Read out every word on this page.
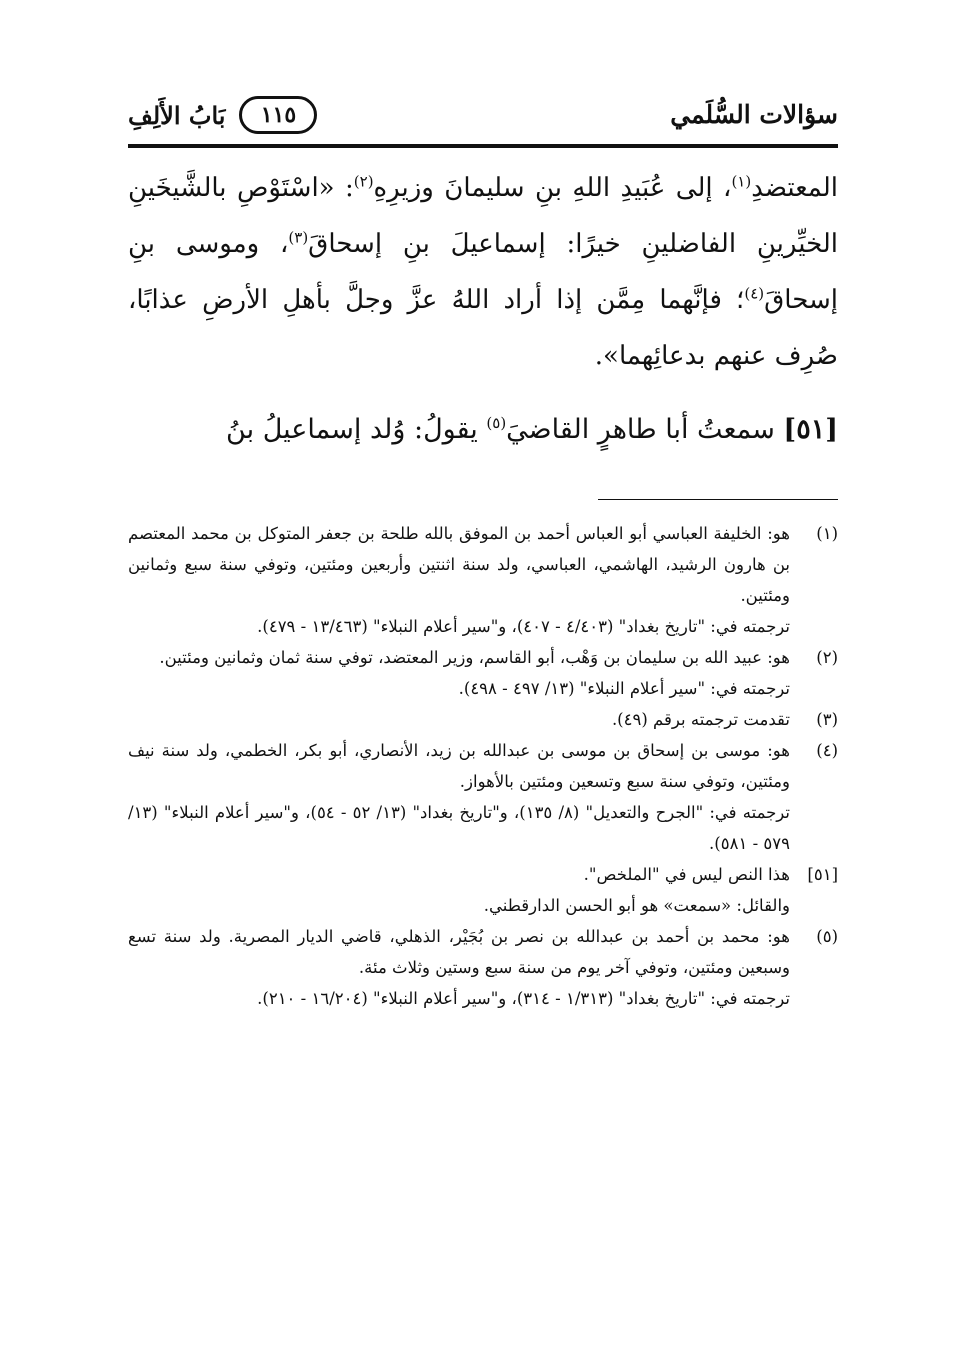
سؤالات السُّلَمي
بَابُ الأَلِفِ	١١٥

المعتضدِ$^{(١)}$، إلى عُبَيدِ اللهِ بنِ سليمانَ وزيرِهِ$^{(٢)}$: «اسْتَوْصِ بالشَّيخَينِ الخيِّرينِ الفاضلينِ خيرًا: إسماعيلَ بنِ إسحاقَ$^{(٣)}$، وموسى بنِ إسحاقَ$^{(٤)}$؛ فإنَّهما مِمَّن إذا أراد اللهُ عزَّ وجلَّ بأهلِ الأرضِ عذابًا، صُرِف عنهم بدعائِهما».

[٥١] سمعتُ أبا طاهرٍ القاضيَ$^{(٥)}$ يقولُ: وُلد إسماعيلُ بنُ
(١)

هو: الخليفة العباسي أبو العباس أحمد بن الموفق بالله طلحة بن جعفر المتوكل بن محمد المعتصم بن هارون الرشيد، الهاشمي، العباسي، ولد سنة اثنتين وأربعين ومئتين، وتوفي سنة سبع وثمانين ومئتين.

ترجمته في: "تاريخ بغداد" (٤/٤٠٣ - ٤٠٧)، و"سير أعلام النبلاء" (١٣/٤٦٣ - ٤٧٩).

(٢)

هو: عبيد الله بن سليمان بن وَهْب، أبو القاسم، وزير المعتضد، توفي سنة ثمان وثمانين ومئتين.

ترجمته في: "سير أعلام النبلاء" (١٣/ ٤٩٧ - ٤٩٨).

(٣)

تقدمت ترجمته برقم (٤٩).

(٤)

هو: موسى بن إسحاق بن موسى بن عبدالله بن زيد، الأنصاري، أبو بكر، الخطمي، ولد سنة نيف ومئتين، وتوفي سنة سبع وتسعين ومئتين بالأهواز.

ترجمته في: "الجرح والتعديل" (٨/ ١٣٥)، و"تاريخ بغداد" (١٣/ ٥٢ - ٥٤)، و"سير أعلام النبلاء" (١٣/ ٥٧٩ - ٥٨١).

[٥١]

هذا النص ليس في "الملخص".

والقائل: «سمعت» هو أبو الحسن الدارقطني.

(٥)

هو: محمد بن أحمد بن عبدالله بن نصر بن بُجَيْر، الذهلي، قاضي الديار المصرية. ولد سنة تسع وسبعين ومئتين، وتوفي آخر يوم من سنة سبع وستين وثلاث مئة.

ترجمته في: "تاريخ بغداد" (١/٣١٣ - ٣١٤)، و"سير أعلام النبلاء" (١٦/٢٠٤ - ٢١٠).
